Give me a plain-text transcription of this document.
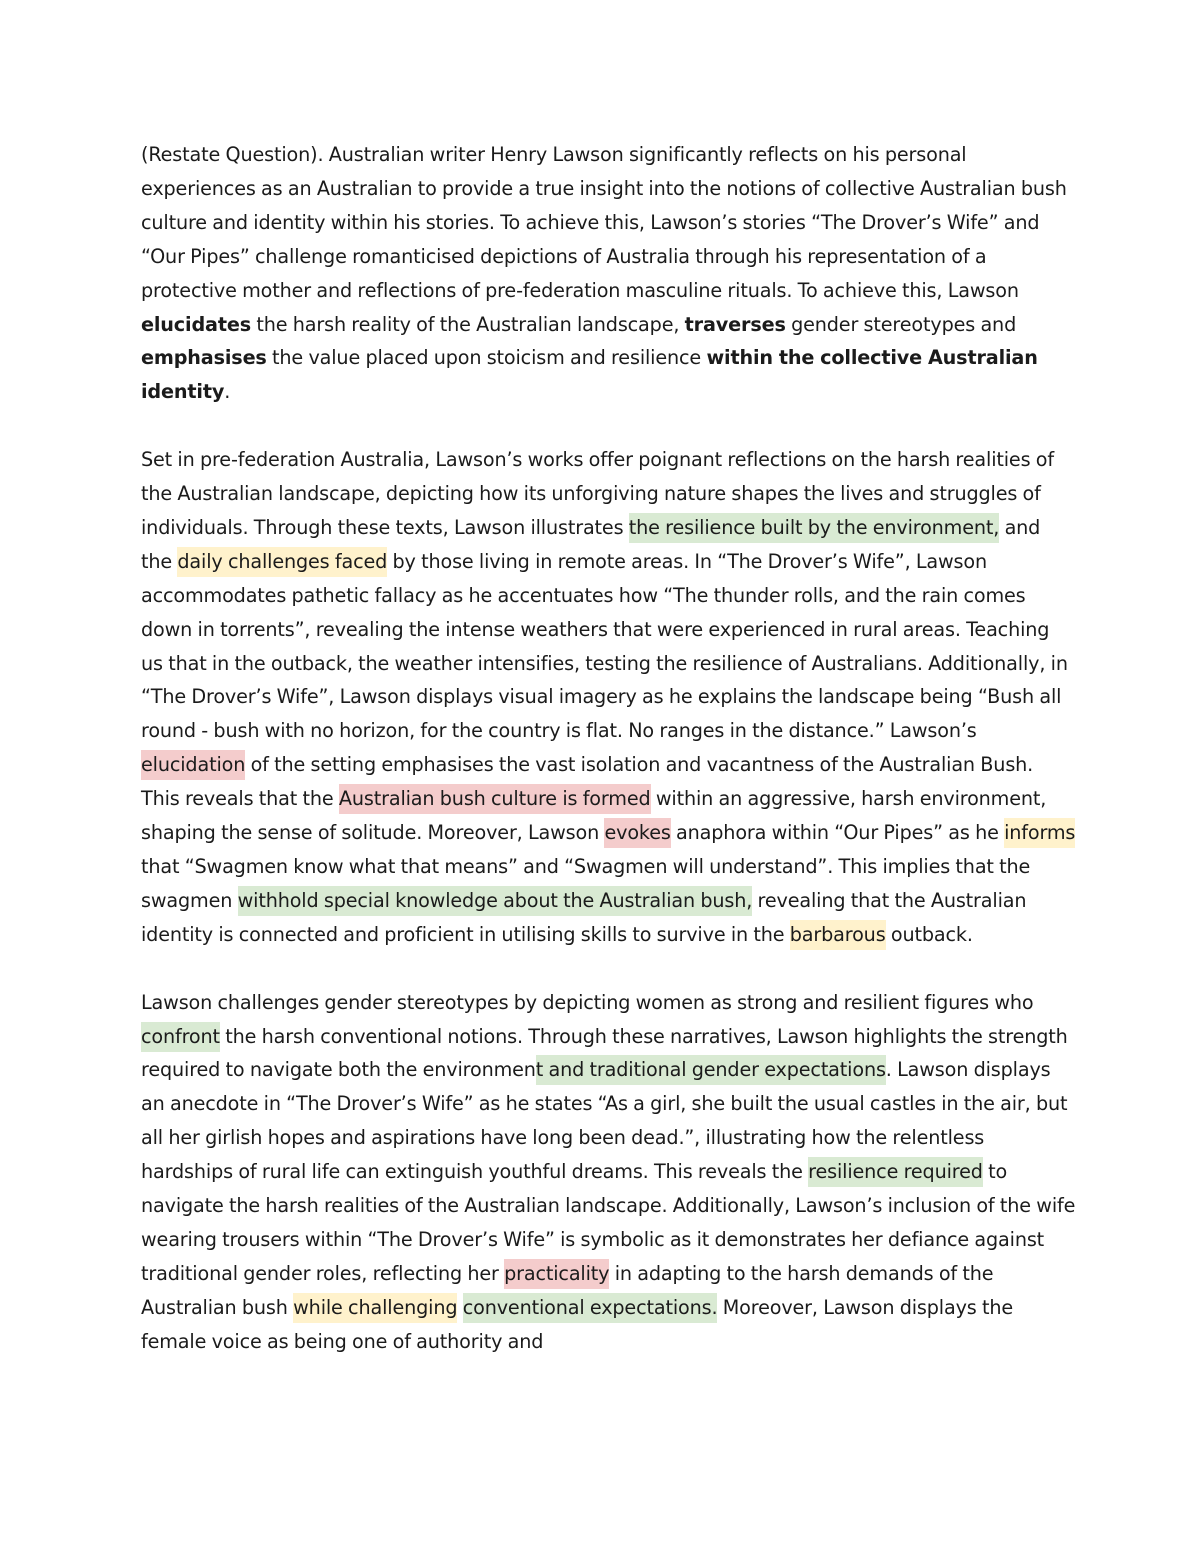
(Restate Question). Australian writer Henry Lawson significantly reflects on his personal experiences as an Australian to provide a true insight into the notions of collective Australian bush culture and identity within his stories. To achieve this, Lawson’s stories “The Drover’s Wife” and “Our Pipes” challenge romanticised depictions of Australia through his representation of a protective mother and reflections of pre-federation masculine rituals. To achieve this, Lawson elucidates the harsh reality of the Australian landscape, traverses gender stereotypes and emphasises the value placed upon stoicism and resilience within the collective Australian identity.

Set in pre-federation Australia, Lawson’s works offer poignant reflections on the harsh realities of the Australian landscape, depicting how its unforgiving nature shapes the lives and struggles of individuals. Through these texts, Lawson illustrates the resilience built by the environment, and the daily challenges faced by those living in remote areas. In “The Drover’s Wife”, Lawson accommodates pathetic fallacy as he accentuates how “The thunder rolls, and the rain comes down in torrents”, revealing the intense weathers that were experienced in rural areas. Teaching us that in the outback, the weather intensifies, testing the resilience of Australians. Additionally, in “The Drover’s Wife”, Lawson displays visual imagery as he explains the landscape being “Bush all round - bush with no horizon, for the country is flat. No ranges in the distance.” Lawson’s elucidation of the setting emphasises the vast isolation and vacantness of the Australian Bush. This reveals that the Australian bush culture is formed within an aggressive, harsh environment, shaping the sense of solitude. Moreover, Lawson evokes anaphora within “Our Pipes” as he informs that “Swagmen know what that means” and “Swagmen will understand”. This implies that the swagmen withhold special knowledge about the Australian bush, revealing that the Australian identity is connected and proficient in utilising skills to survive in the barbarous outback.

Lawson challenges gender stereotypes by depicting women as strong and resilient figures who confront the harsh conventional notions. Through these narratives, Lawson highlights the strength required to navigate both the environment and traditional gender expectations. Lawson displays an anecdote in “The Drover’s Wife” as he states “As a girl, she built the usual castles in the air, but all her girlish hopes and aspirations have long been dead.”, illustrating how the relentless hardships of rural life can extinguish youthful dreams. This reveals the resilience required to navigate the harsh realities of the Australian landscape. Additionally, Lawson’s inclusion of the wife wearing trousers within “The Drover’s Wife” is symbolic as it demonstrates her defiance against traditional gender roles, reflecting her practicality in adapting to the harsh demands of the Australian bush while challenging conventional expectations. Moreover, Lawson displays the female voice as being one of authority and
